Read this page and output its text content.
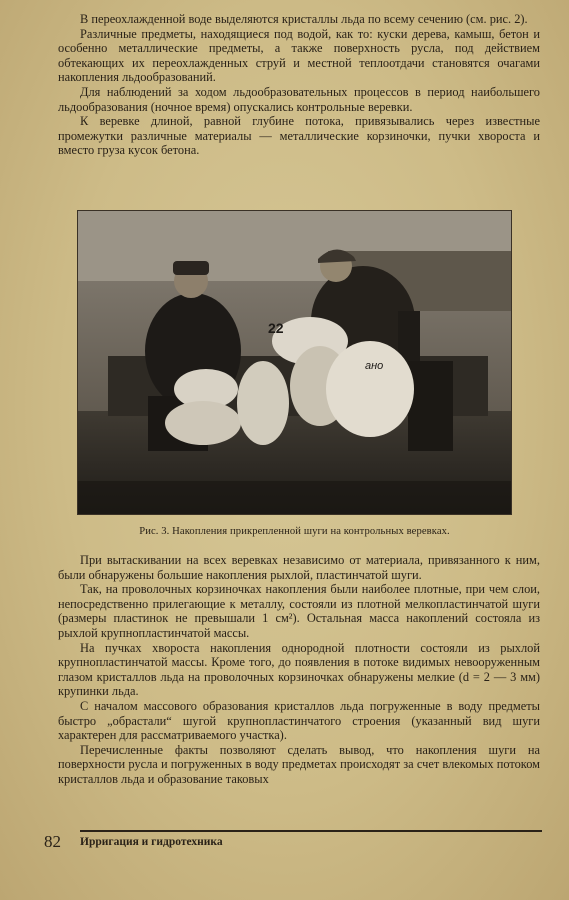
В переохлажденной воде выделяются кристаллы льда по всему сечению (см. рис. 2).

Различные предметы, находящиеся под водой, как то: куски дерева, камыш, бетон и особенно металлические предметы, а также поверхность русла, под действием обтекающих их переохлажденных струй и местной теплоотдачи становятся очагами накопления льдообразований.

Для наблюдений за ходом льдообразовательных процессов в период наибольшего льдообразования (ночное время) опускались контрольные веревки.

К веревке длиной, равной глубине потока, привязывались через известные промежутки различные материалы — металлические корзиночки, пучки хвороста и вместо груза кусок бетона.

22
ано
Рис. 3. Накопления прикрепленной шуги на контрольных веревках.

При вытаскивании на всех веревках независимо от материала, привязанного к ним, были обнаружены большие накопления рыхлой, пластинчатой шуги.

Так, на проволочных корзиночках накопления были наиболее плотные, при чем слои, непосредственно прилегающие к металлу, состояли из плотной мелкопластинчатой шуги (размеры пластинок не превышали 1 см²). Остальная масса накоплений состояла из рыхлой крупнопластинчатой массы.

На пучках хвороста накопления однородной плотности состояли из рыхлой крупнопластинчатой массы. Кроме того, до появления в потоке видимых невооруженным глазом кристаллов льда на проволочных корзиночках обнаружены мелкие (d = 2 — 3 мм) крупинки льда.

С началом массового образования кристаллов льда погруженные в воду предметы быстро „обрастали“ шугой крупнопластинчатого строения (указанный вид шуги характерен для рассматриваемого участка).

Перечисленные факты позволяют сделать вывод, что накопления шуги на поверхности русла и погруженных в воду предметах происходят за счет влекомых потоком кристаллов льда и образование таковых

82 Ирригация и гидротехника
